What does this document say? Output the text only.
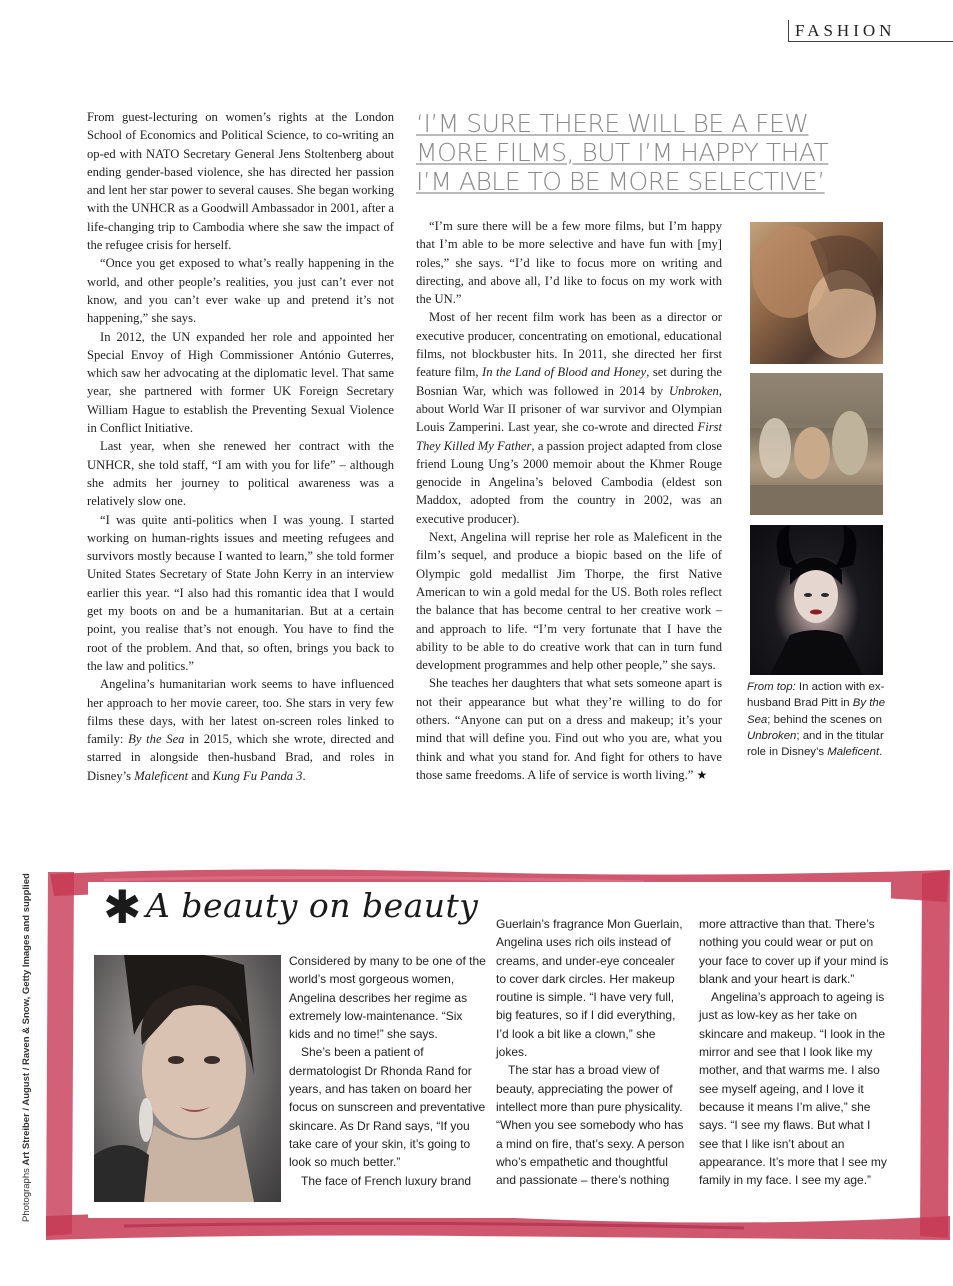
FASHION

From guest-lecturing on women’s rights at the London School of Economics and Political Science, to co-writing an op-ed with NATO Secretary General Jens Stoltenberg about ending gender-based violence, she has directed her passion and lent her star power to several causes. She began working with the UNHCR as a Goodwill Ambassador in 2001, after a life-changing trip to Cambodia where she saw the impact of the refugee crisis for herself.

“Once you get exposed to what’s really happening in the world, and other people’s realities, you just can’t ever not know, and you can’t ever wake up and pretend it’s not happening,” she says.

In 2012, the UN expanded her role and appointed her Special Envoy of High Commissioner António Guterres, which saw her advocating at the diplomatic level. That same year, she partnered with former UK Foreign Secretary William Hague to establish the Preventing Sexual Violence in Conflict Initiative.

Last year, when she renewed her contract with the UNHCR, she told staff, “I am with you for life” – although she admits her journey to political awareness was a relatively slow one.

“I was quite anti-politics when I was young. I started working on human-rights issues and meeting refugees and survivors mostly because I wanted to learn,” she told former United States Secretary of State John Kerry in an interview earlier this year. “I also had this romantic idea that I would get my boots on and be a humanitarian. But at a certain point, you realise that’s not enough. You have to find the root of the problem. And that, so often, brings you back to the law and politics.”

Angelina’s humanitarian work seems to have influenced her approach to her movie career, too. She stars in very few films these days, with her latest on-screen roles linked to family: By the Sea in 2015, which she wrote, directed and starred in alongside then-husband Brad, and roles in Disney’s Maleficent and Kung Fu Panda 3.

‘I’M SURE THERE WILL BE A FEW MORE FILMS, BUT I’M HAPPY THAT I’M ABLE TO BE MORE SELECTIVE’

“I’m sure there will be a few more films, but I’m happy that I’m able to be more selective and have fun with [my] roles,” she says. “I’d like to focus more on writing and directing, and above all, I’d like to focus on my work with the UN.”

Most of her recent film work has been as a director or executive producer, concentrating on emotional, educational films, not blockbuster hits. In 2011, she directed her first feature film, In the Land of Blood and Honey, set during the Bosnian War, which was followed in 2014 by Unbroken, about World War II prisoner of war survivor and Olympian Louis Zamperini. Last year, she co-wrote and directed First They Killed My Father, a passion project adapted from close friend Loung Ung’s 2000 memoir about the Khmer Rouge genocide in Angelina’s beloved Cambodia (eldest son Maddox, adopted from the country in 2002, was an executive producer).

Next, Angelina will reprise her role as Maleficent in the film’s sequel, and produce a biopic based on the life of Olympic gold medallist Jim Thorpe, the first Native American to win a gold medal for the US. Both roles reflect the balance that has become central to her creative work – and approach to life. “I’m very fortunate that I have the ability to be able to do creative work that can in turn fund development programmes and help other people,” she says.

She teaches her daughters that what sets someone apart is not their appearance but what they’re willing to do for others. “Anyone can put on a dress and makeup; it’s your mind that will define you. Find out who you are, what you think and what you stand for. And fight for others to have those same freedoms. A life of service is worth living.” ★

From top: In action with ex-husband Brad Pitt in By the Sea; behind the scenes on Unbroken; and in the titular role in Disney’s Maleficent.
Photographs Art Streiber / August / Raven & Snow, Getty Images and supplied ✱ A beauty on beauty

Considered by many to be one of the world’s most gorgeous women, Angelina describes her regime as extremely low-maintenance. “Six kids and no time!” she says.

She’s been a patient of dermatologist Dr Rhonda Rand for years, and has taken on board her focus on sunscreen and preventative skincare. As Dr Rand says, “If you take care of your skin, it’s going to look so much better.”

The face of French luxury brand

Guerlain’s fragrance Mon Guerlain, Angelina uses rich oils instead of creams, and under-eye concealer to cover dark circles. Her makeup routine is simple. “I have very full, big features, so if I did everything, I’d look a bit like a clown,” she jokes.

The star has a broad view of beauty, appreciating the power of intellect more than pure physicality. “When you see somebody who has a mind on fire, that’s sexy. A person who’s empathetic and thoughtful and passionate – there’s nothing

more attractive than that. There’s nothing you could wear or put on your face to cover up if your mind is blank and your heart is dark.”

Angelina’s approach to ageing is just as low-key as her take on skincare and makeup. “I look in the mirror and see that I look like my mother, and that warms me. I also see myself ageing, and I love it because it means I’m alive,” she says. “I see my flaws. But what I see that I like isn’t about an appearance. It’s more that I see my family in my face. I see my age.”
